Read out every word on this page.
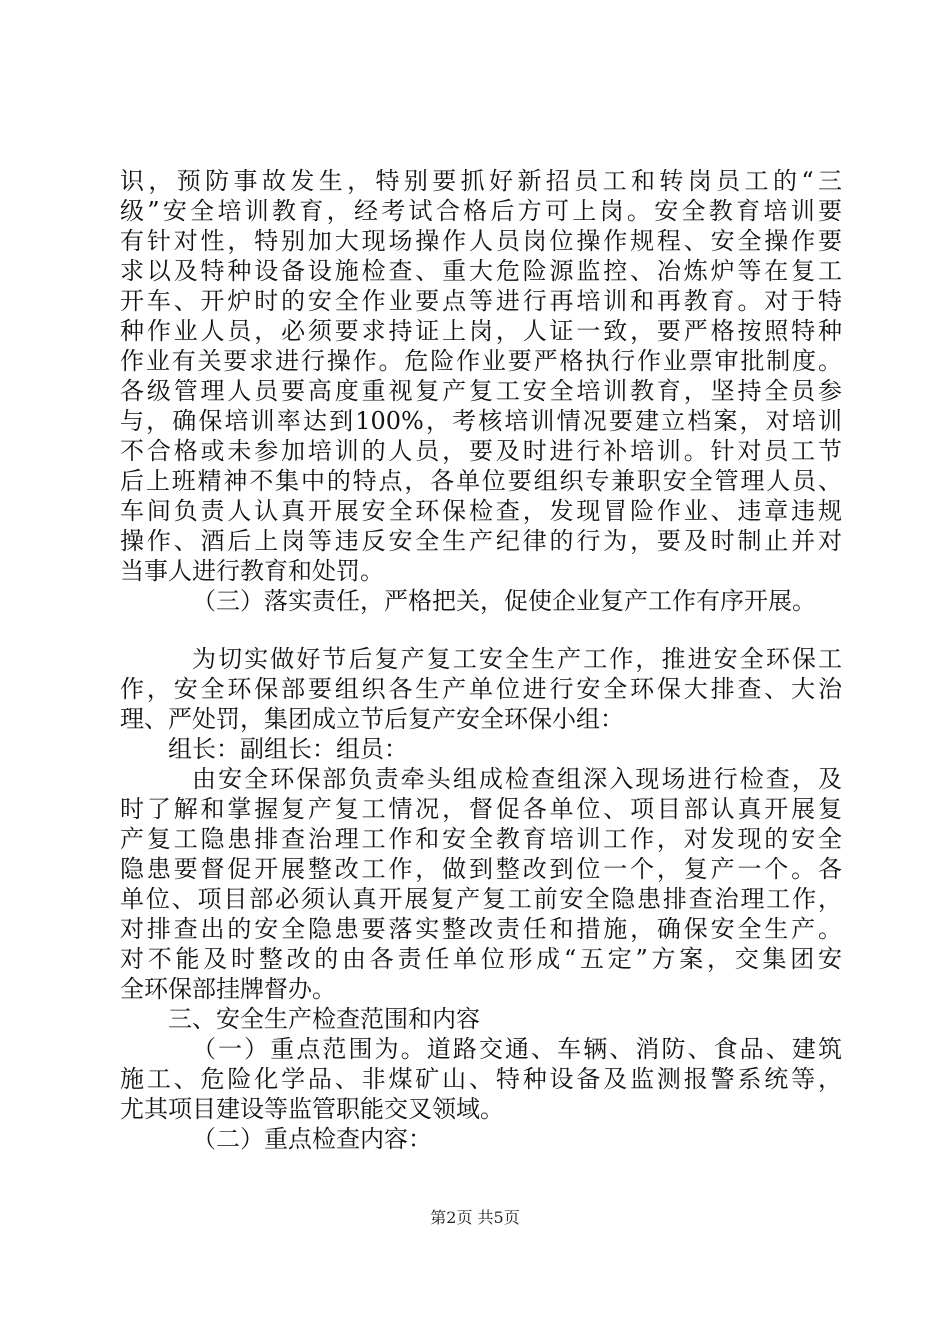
识，预防事故发生，特别要抓好新招员工和转岗员工的“三
级”安全培训教育，经考试合格后方可上岗。安全教育培训要
有针对性，特别加大现场操作人员岗位操作规程、安全操作要
求以及特种设备设施检查、重大危险源监控、冶炼炉等在复工
开车、开炉时的安全作业要点等进行再培训和再教育。对于特
种作业人员，必须要求持证上岗，人证一致，要严格按照特种
作业有关要求进行操作。危险作业要严格执行作业票审批制度。
各级管理人员要高度重视复产复工安全培训教育，坚持全员参
与，确保培训率达到100%，考核培训情况要建立档案，对培训
不合格或未参加培训的人员，要及时进行补培训。针对员工节
后上班精神不集中的特点，各单位要组织专兼职安全管理人员、
车间负责人认真开展安全环保检查，发现冒险作业、违章违规
操作、酒后上岗等违反安全生产纪律的行为，要及时制止并对
当事人进行教育和处罚。
（三）落实责任，严格把关，促使企业复产工作有序开展。
为切实做好节后复产复工安全生产工作，推进安全环保工
作，安全环保部要组织各生产单位进行安全环保大排查、大治
理、严处罚，集团成立节后复产安全环保小组：
组长：副组长：组员：
由安全环保部负责牵头组成检查组深入现场进行检查，及
时了解和掌握复产复工情况，督促各单位、项目部认真开展复
产复工隐患排查治理工作和安全教育培训工作，对发现的安全
隐患要督促开展整改工作，做到整改到位一个，复产一个。各
单位、项目部必须认真开展复产复工前安全隐患排查治理工作，
对排查出的安全隐患要落实整改责任和措施，确保安全生产。
对不能及时整改的由各责任单位形成“五定”方案，交集团安
全环保部挂牌督办。
三、安全生产检查范围和内容
（一）重点范围为。道路交通、车辆、消防、食品、建筑
施工、危险化学品、非煤矿山、特种设备及监测报警系统等，
尤其项目建设等监管职能交叉领域。
（二）重点检查内容：
第2页 共5页
